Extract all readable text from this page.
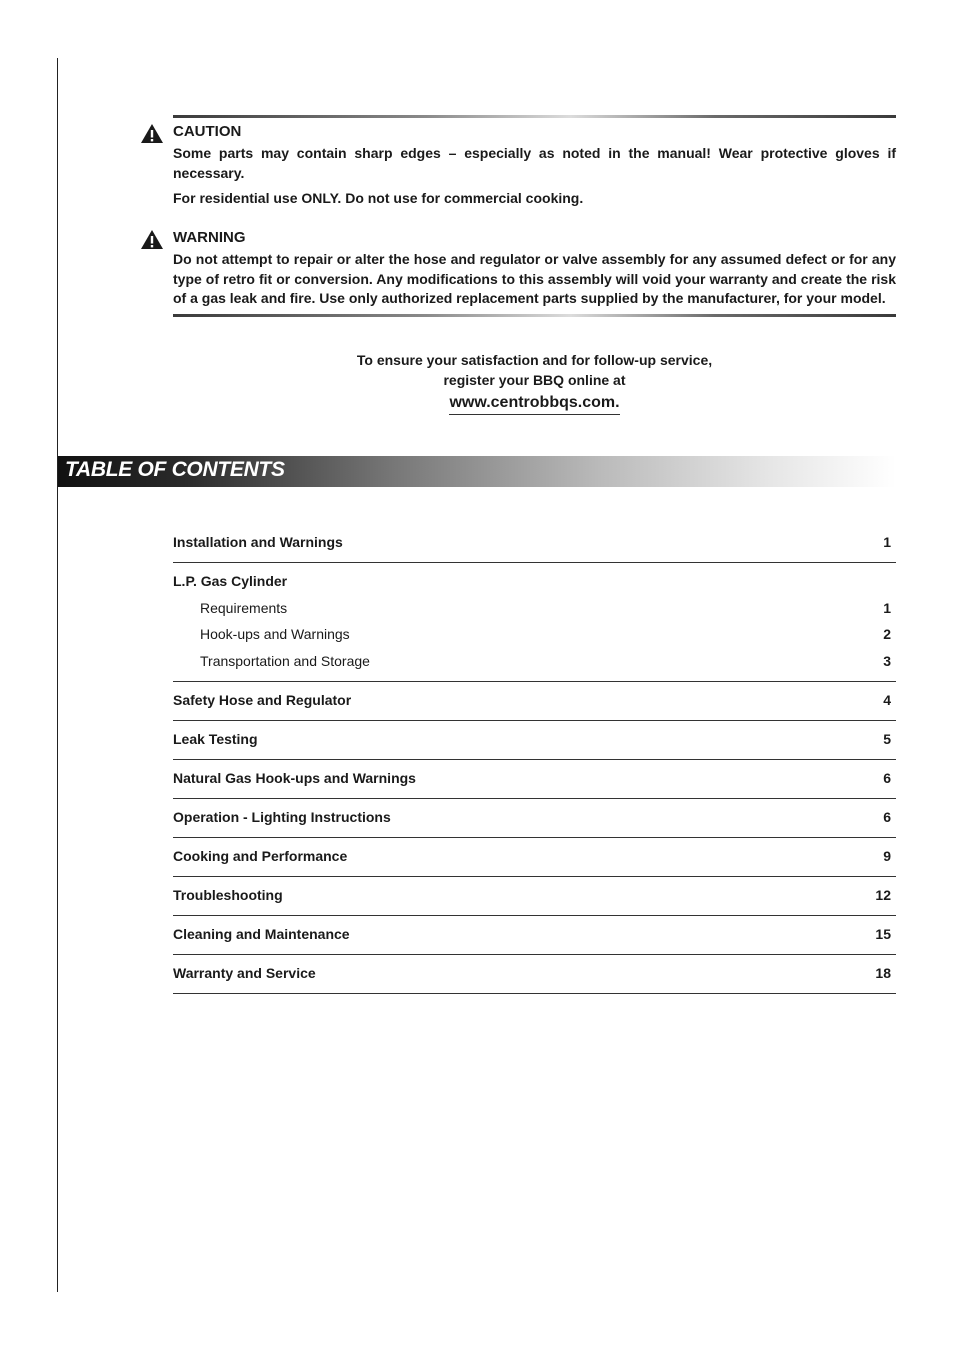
CAUTION

Some parts may contain sharp edges – especially as noted in the manual! Wear protective gloves if necessary.

For residential use ONLY. Do not use for commercial cooking.

WARNING

Do not attempt to repair or alter the hose and regulator or valve assembly for any assumed defect or for any type of retro fit or conversion. Any modifications to this assembly will void your warranty and create the risk of a gas leak and fire. Use only authorized replacement parts supplied by the manufacturer, for your model.

To ensure your satisfaction and for follow-up service,
register your BBQ online at
www.centrobbqs.com.
TABLE OF CONTENTS
Installation and Warnings	1
L.P. Gas Cylinder
Requirements	1
Hook-ups and Warnings	2
Transportation and Storage	3
Safety Hose and Regulator	4
Leak Testing	5
Natural Gas Hook-ups and Warnings	6
Operation - Lighting Instructions	6
Cooking and Performance	9
Troubleshooting	12
Cleaning and Maintenance	15
Warranty and Service	18
